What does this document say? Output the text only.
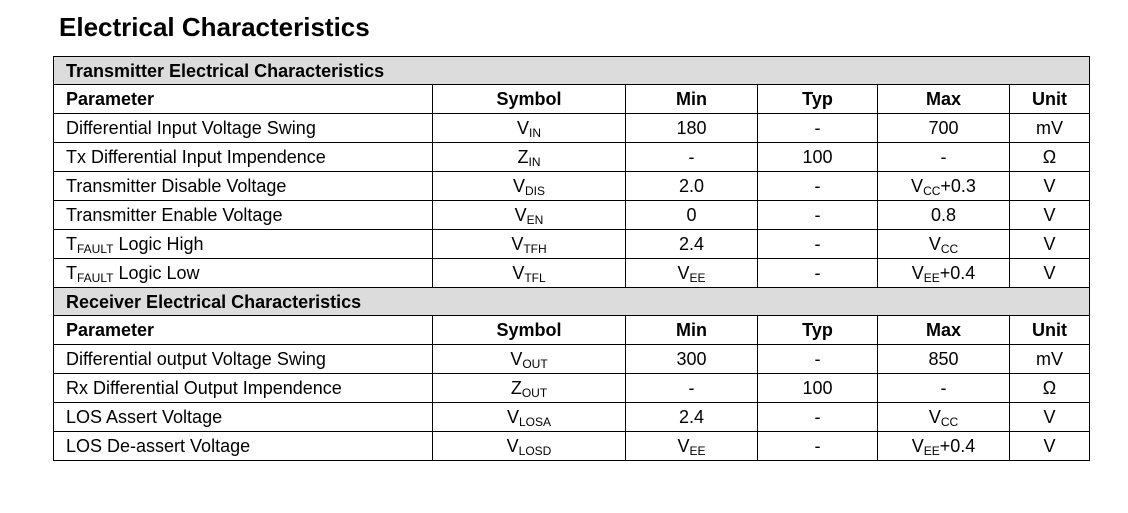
Electrical Characteristics
Transmitter Electrical Characteristics					
Parameter	Symbol	Min	Typ	Max	Unit
Differential Input Voltage Swing	$V_{IN}$	180	-	700	mV
Tx Differential Input Impendence	$Z_{IN}$	-	100	-	Ω
Transmitter Disable Voltage	$V_{DIS}$	2.0	-	$V_{CC}+0.3$	V
Transmitter Enable Voltage	$V_{EN}$	0	-	0.8	V
$T_{FAULT}$ Logic High	$V_{TFH}$	2.4	-	$V_{CC}$	V
$T_{FAULT}$ Logic Low	$V_{TFL}$	$V_{EE}$	-	$V_{EE}+0.4$	V
Receiver Electrical Characteristics					
Parameter	Symbol	Min	Typ	Max	Unit
Differential output Voltage Swing	$V_{OUT}$	300	-	850	mV
Rx Differential Output Impendence	$Z_{OUT}$	-	100	-	Ω
LOS Assert Voltage	$V_{LOSA}$	2.4	-	$V_{CC}$	V
LOS De-assert Voltage	$V_{LOSD}$	$V_{EE}$	-	$V_{EE}+0.4$	V
